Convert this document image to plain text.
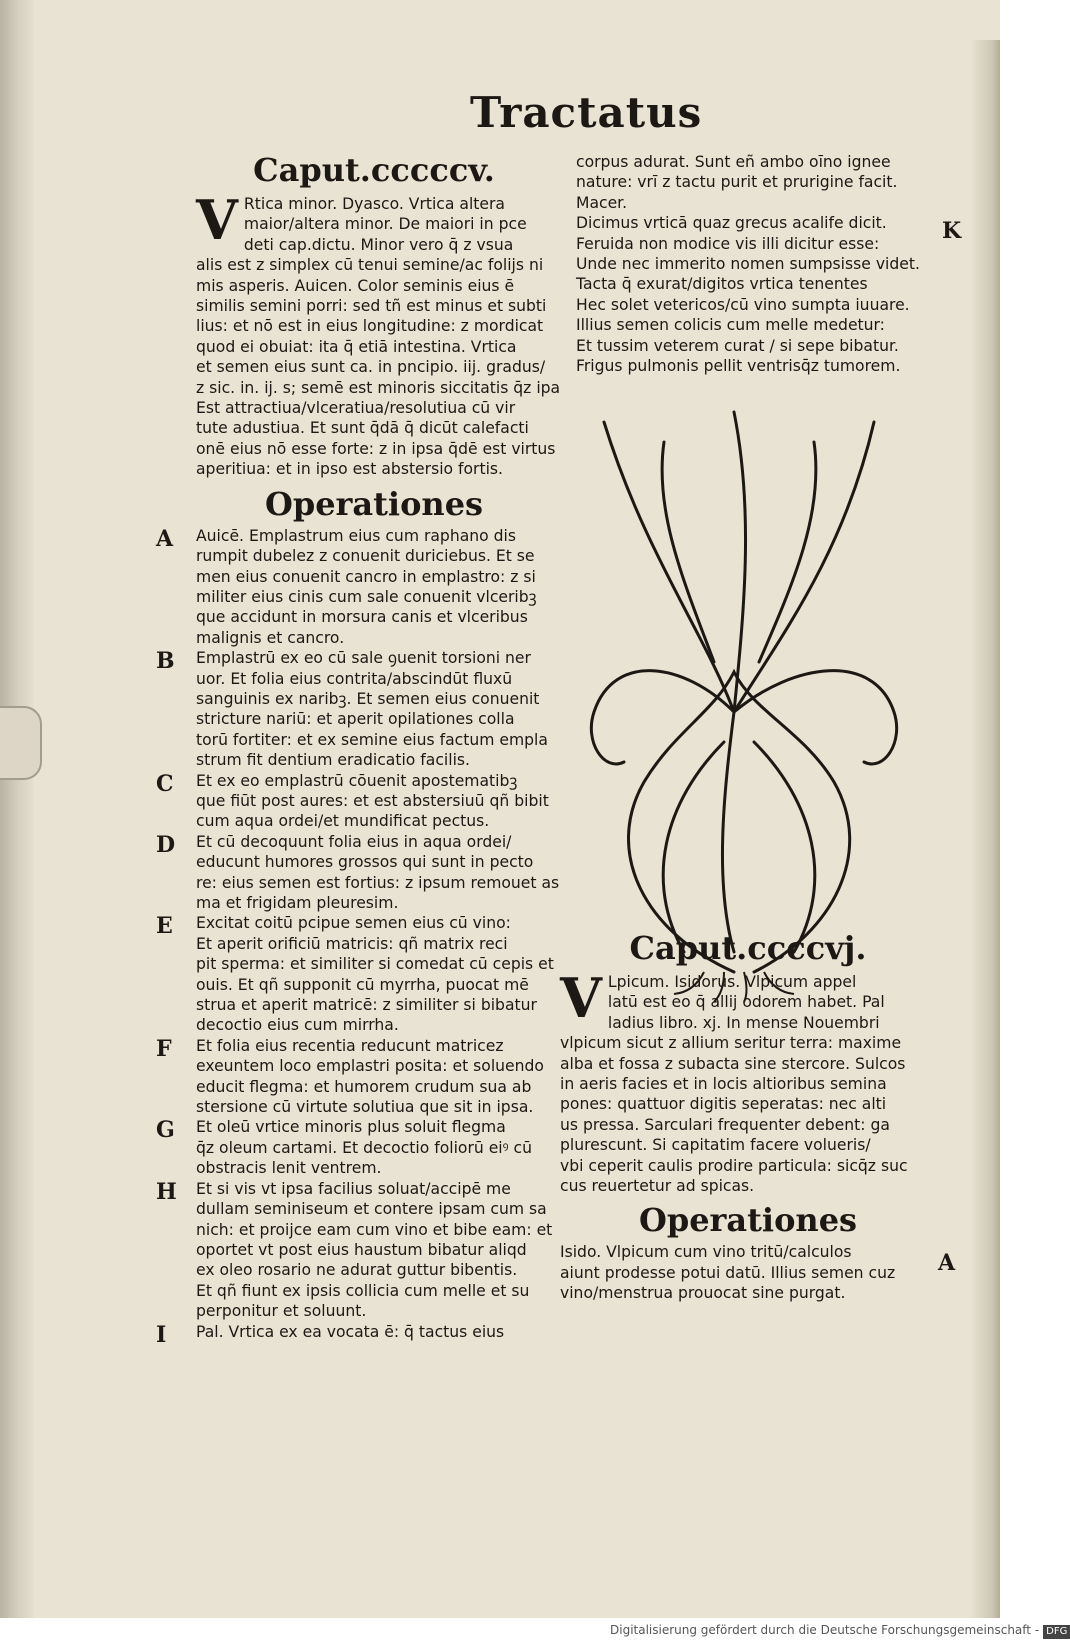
Tractatus
Caput.cccccv.
V Rtica minor. Dyasco. Vrtica altera
maior/altera minor. De maiori in pce
deti cap.dictu. Minor vero q̄ z vsua
alis est z simplex cū tenui semine/ac folijs ni
mis asperis. Auicen. Color seminis eius ē
similis semini porri: sed tñ est minus et subti
lius: et nō est in eius longitudine: z mordicat
quod ei obuiat: ita q̄ etiā intestina. Vrtica
et semen eius sunt ca. in pncipio. iij. gradus/
z sic. in. ij. s; semē est minoris siccitatis q̄z ipa
Est attractiua/vlceratiua/resolutiua cū vir
tute adustiua. Et sunt q̄dā q̄ dicūt calefacti
onē eius nō esse forte: z in ipsa q̄dē est virtus
aperitiua: et in ipso est abstersio fortis.
Operationes
A Auicē. Emplastrum eius cum raphano dis
rumpit dubelez z conuenit duriciebus. Et se
men eius conuenit cancro in emplastro: z si
militer eius cinis cum sale conuenit vlceribꝫ
que accidunt in morsura canis et vlceribus
malignis et cancro.
B Emplastrū ex eo cū sale ꝯuenit torsioni ner
uor. Et folia eius contrita/abscindūt fluxū
sanguinis ex naribꝫ. Et semen eius conuenit
stricture nariū: et aperit opilationes colla
torū fortiter: et ex semine eius factum empla
strum fit dentium eradicatio facilis.
C Et ex eo emplastrū cōuenit apostematibꝫ
que fiūt post aures: et est abstersiuū qñ bibit
cum aqua ordei/et mundificat pectus.
D Et cū decoquunt folia eius in aqua ordei/
educunt humores grossos qui sunt in pecto
re: eius semen est fortius: z ipsum remouet as
ma et frigidam pleuresim.
E Excitat coitū pcipue semen eius cū vino:
Et aperit orificiū matricis: qñ matrix reci
pit sperma: et similiter si comedat cū cepis et
ouis. Et qñ supponit cū myrrha, puocat mē
strua et aperit matricē: z similiter si bibatur
decoctio eius cum mirrha.
F Et folia eius recentia reducunt matricez
exeuntem loco emplastri posita: et soluendo
educit flegma: et humorem crudum sua ab
stersione cū virtute solutiua que sit in ipsa.
G Et oleū vrtice minoris plus soluit flegma
q̄z oleum cartami. Et decoctio foliorū eiꝰ cū
obstracis lenit ventrem.
H Et si vis vt ipsa facilius soluat/accipē me
dullam seminiseum et contere ipsam cum sa
nich: et proijce eam cum vino et bibe eam: et
oportet vt post eius haustum bibatur aliqd
ex oleo rosario ne adurat guttur bibentis.
Et qñ fiunt ex ipsis collicia cum melle et su
perponitur et soluunt.
I Pal. Vrtica ex ea vocata ē: q̄ tactus eius
corpus adurat. Sunt eñ ambo oīno ignee
nature: vrī z tactu purit et prurigine facit.
Macer.
Dicimus vrticā quaz grecus acalife dicit.
Feruida non modice vis illi dicitur esse:
Unde nec immerito nomen sumpsisse videt.
Tacta q̄ exurat/digitos vrtica tenentes
Hec solet vetericos/cū vino sumpta iuuare.
Illius semen colicis cum melle medetur:
Et tussim veterem curat / si sepe bibatur.
Frigus pulmonis pellit ventrisq̄z tumorem.
K
Caput.ccccvj.
V Lpicum. Isidorus. Vlpicum appel
latū est eo q̄ allij odorem habet. Pal
ladius libro. xj. In mense Nouembri
vlpicum sicut z allium seritur terra: maxime
alba et fossa z subacta sine stercore. Sulcos
in aeris facies et in locis altioribus semina
pones: quattuor digitis seperatas: nec alti
us pressa. Sarculari frequenter debent: ga
plurescunt. Si capitatim facere volueris/
vbi ceperit caulis prodire particula: sicq̄z suc
cus reuertetur ad spicas.
Operationes
Isido. Vlpicum cum vino tritū/calculos
aiunt prodesse potui datū. Illius semen cuz
vino/menstrua prouocat sine purgat.
A
Digitalisierung gefördert durch die Deutsche Forschungsgemeinschaft - DFG
